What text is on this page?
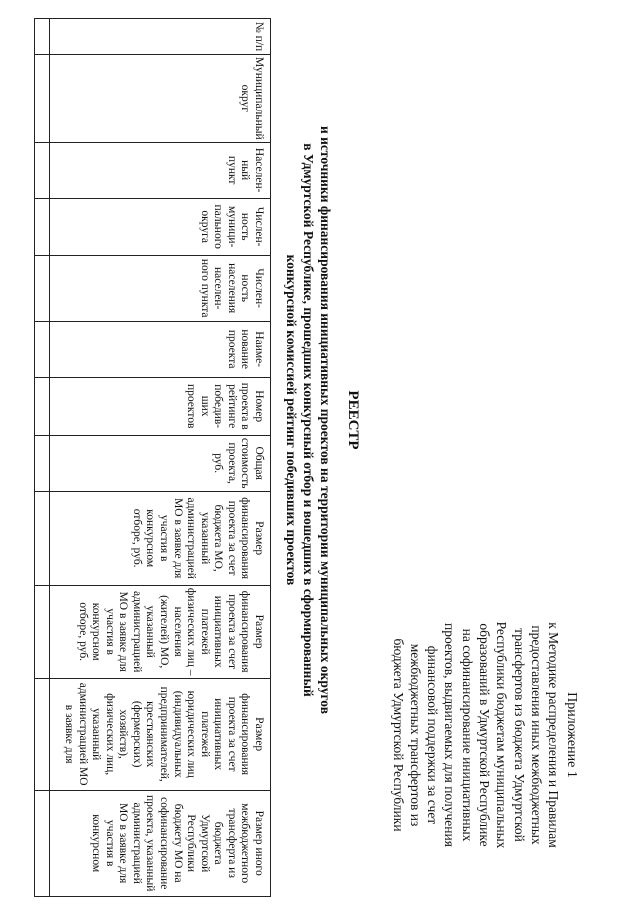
Приложение 1
к Методике распределения и Правилам
предоставления иных межбюджетных
трансфертов из бюджета Удмуртской
Республики бюджетам муниципальных
образований в Удмуртской Республике
на софинансирование инициативных
проектов, выдвигаемых для получения
финансовой поддержки за счет
межбюджетных трансфертов из
бюджета Удмуртской Республики
РЕЕСТР
и источники финансирования инициативных проектов на территории муниципальных округов
в Удмуртской Республике, прошедших конкурсный отбор и вошедших в сформированный
конкурсной комиссией рейтинг победивших проектов
№ п/п	Муниципальный округ	Населен-ный пункт	Числен-ность муници-пального округа	Числен-ность населения населен-ного пункта	Наиме-нование проекта	Номер проекта в рейтинге победив-ших проектов	Общая стоимость проекта, руб.	Размер финансирования проекта за счет бюджета МО, указанный администрацией МО в заявке для участия в конкурсном отборе, руб.	Размер финансирования проекта за счет инициативных платежей физических лиц – населения (жителей) МО, указанный администрацией МО в заявке для участия в конкурсном отборе, руб.	Размер финансирования проекта за счет инициативных платежей юридических лиц (индивидуальных предпринимателей, крестьянских (фермерских) хозяйств), физических лиц, указанный администрацией МО в заявке для	Размер иного межбюджетного трансферта из бюджета Удмуртской Республики бюджету МО на софинансирование проекта, указанный администрацией МО в заявке для участия в конкурсном
